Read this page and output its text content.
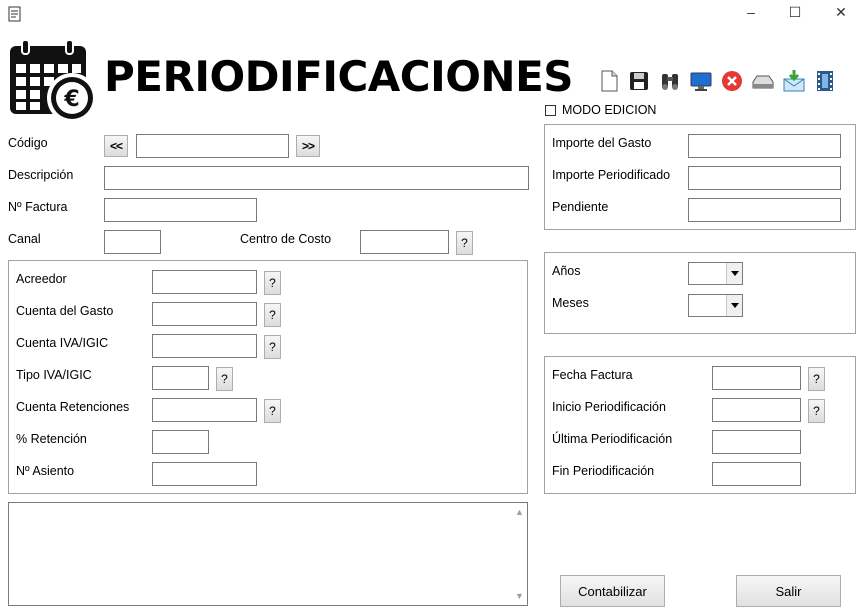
–	☐	✕
€ PERIODIFICACIONES
MODO EDICION
Código	<<	>>
Descripción
Nº Factura
Canal	Centro de Costo	?
Acreedor	?
Cuenta del Gasto	?
Cuenta IVA/IGIC	?
Tipo IVA/IGIC	?
Cuenta Retenciones	?
% Retención
Nº Asiento
▲
▼
Importe del Gasto
Importe Periodificado
Pendiente
Años
Meses
Fecha Factura	?
Inicio Periodificación	?
Última Periodificación
Fin Periodificación
Contabilizar	Salir
